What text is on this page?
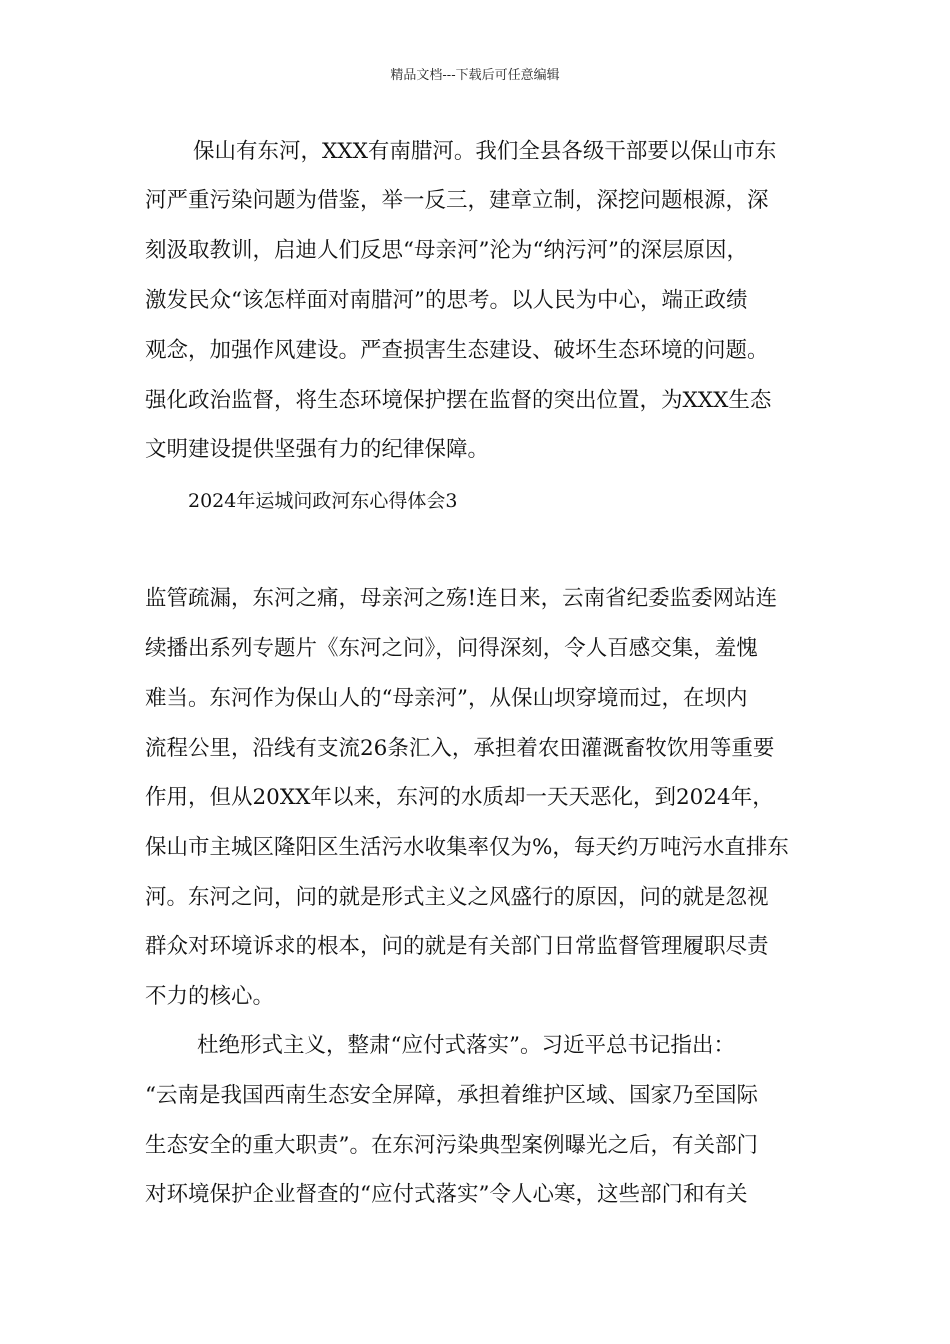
精品文档---下载后可任意编辑
保山有东河，XXX有南腊河。我们全县各级干部要以保山市东
河严重污染问题为借鉴，举一反三，建章立制，深挖问题根源，深
刻汲取教训，启迪人们反思“母亲河”沦为“纳污河”的深层原因，
激发民众“该怎样面对南腊河”的思考。以人民为中心，端正政绩
观念，加强作风建设。严查损害生态建设、破坏生态环境的问题。
强化政治监督，将生态环境保护摆在监督的突出位置，为XXX生态
文明建设提供坚强有力的纪律保障。
2024年运城问政河东心得体会3
监管疏漏，东河之痛，母亲河之殇!连日来，云南省纪委监委网站连
续播出系列专题片《东河之问》，问得深刻，令人百感交集，羞愧
难当。东河作为保山人的“母亲河”，从保山坝穿境而过，在坝内
流程公里，沿线有支流26条汇入，承担着农田灌溉畜牧饮用等重要
作用，但从20XX年以来，东河的水质却一天天恶化，到2024年，
保山市主城区隆阳区生活污水收集率仅为%，每天约万吨污水直排东
河。东河之问，问的就是形式主义之风盛行的原因，问的就是忽视
群众对环境诉求的根本，问的就是有关部门日常监督管理履职尽责
不力的核心。
杜绝形式主义，整肃“应付式落实”。习近平总书记指出：
“云南是我国西南生态安全屏障，承担着维护区域、国家乃至国际
生态安全的重大职责”。在东河污染典型案例曝光之后，有关部门
对环境保护企业督查的“应付式落实”令人心寒，这些部门和有关
